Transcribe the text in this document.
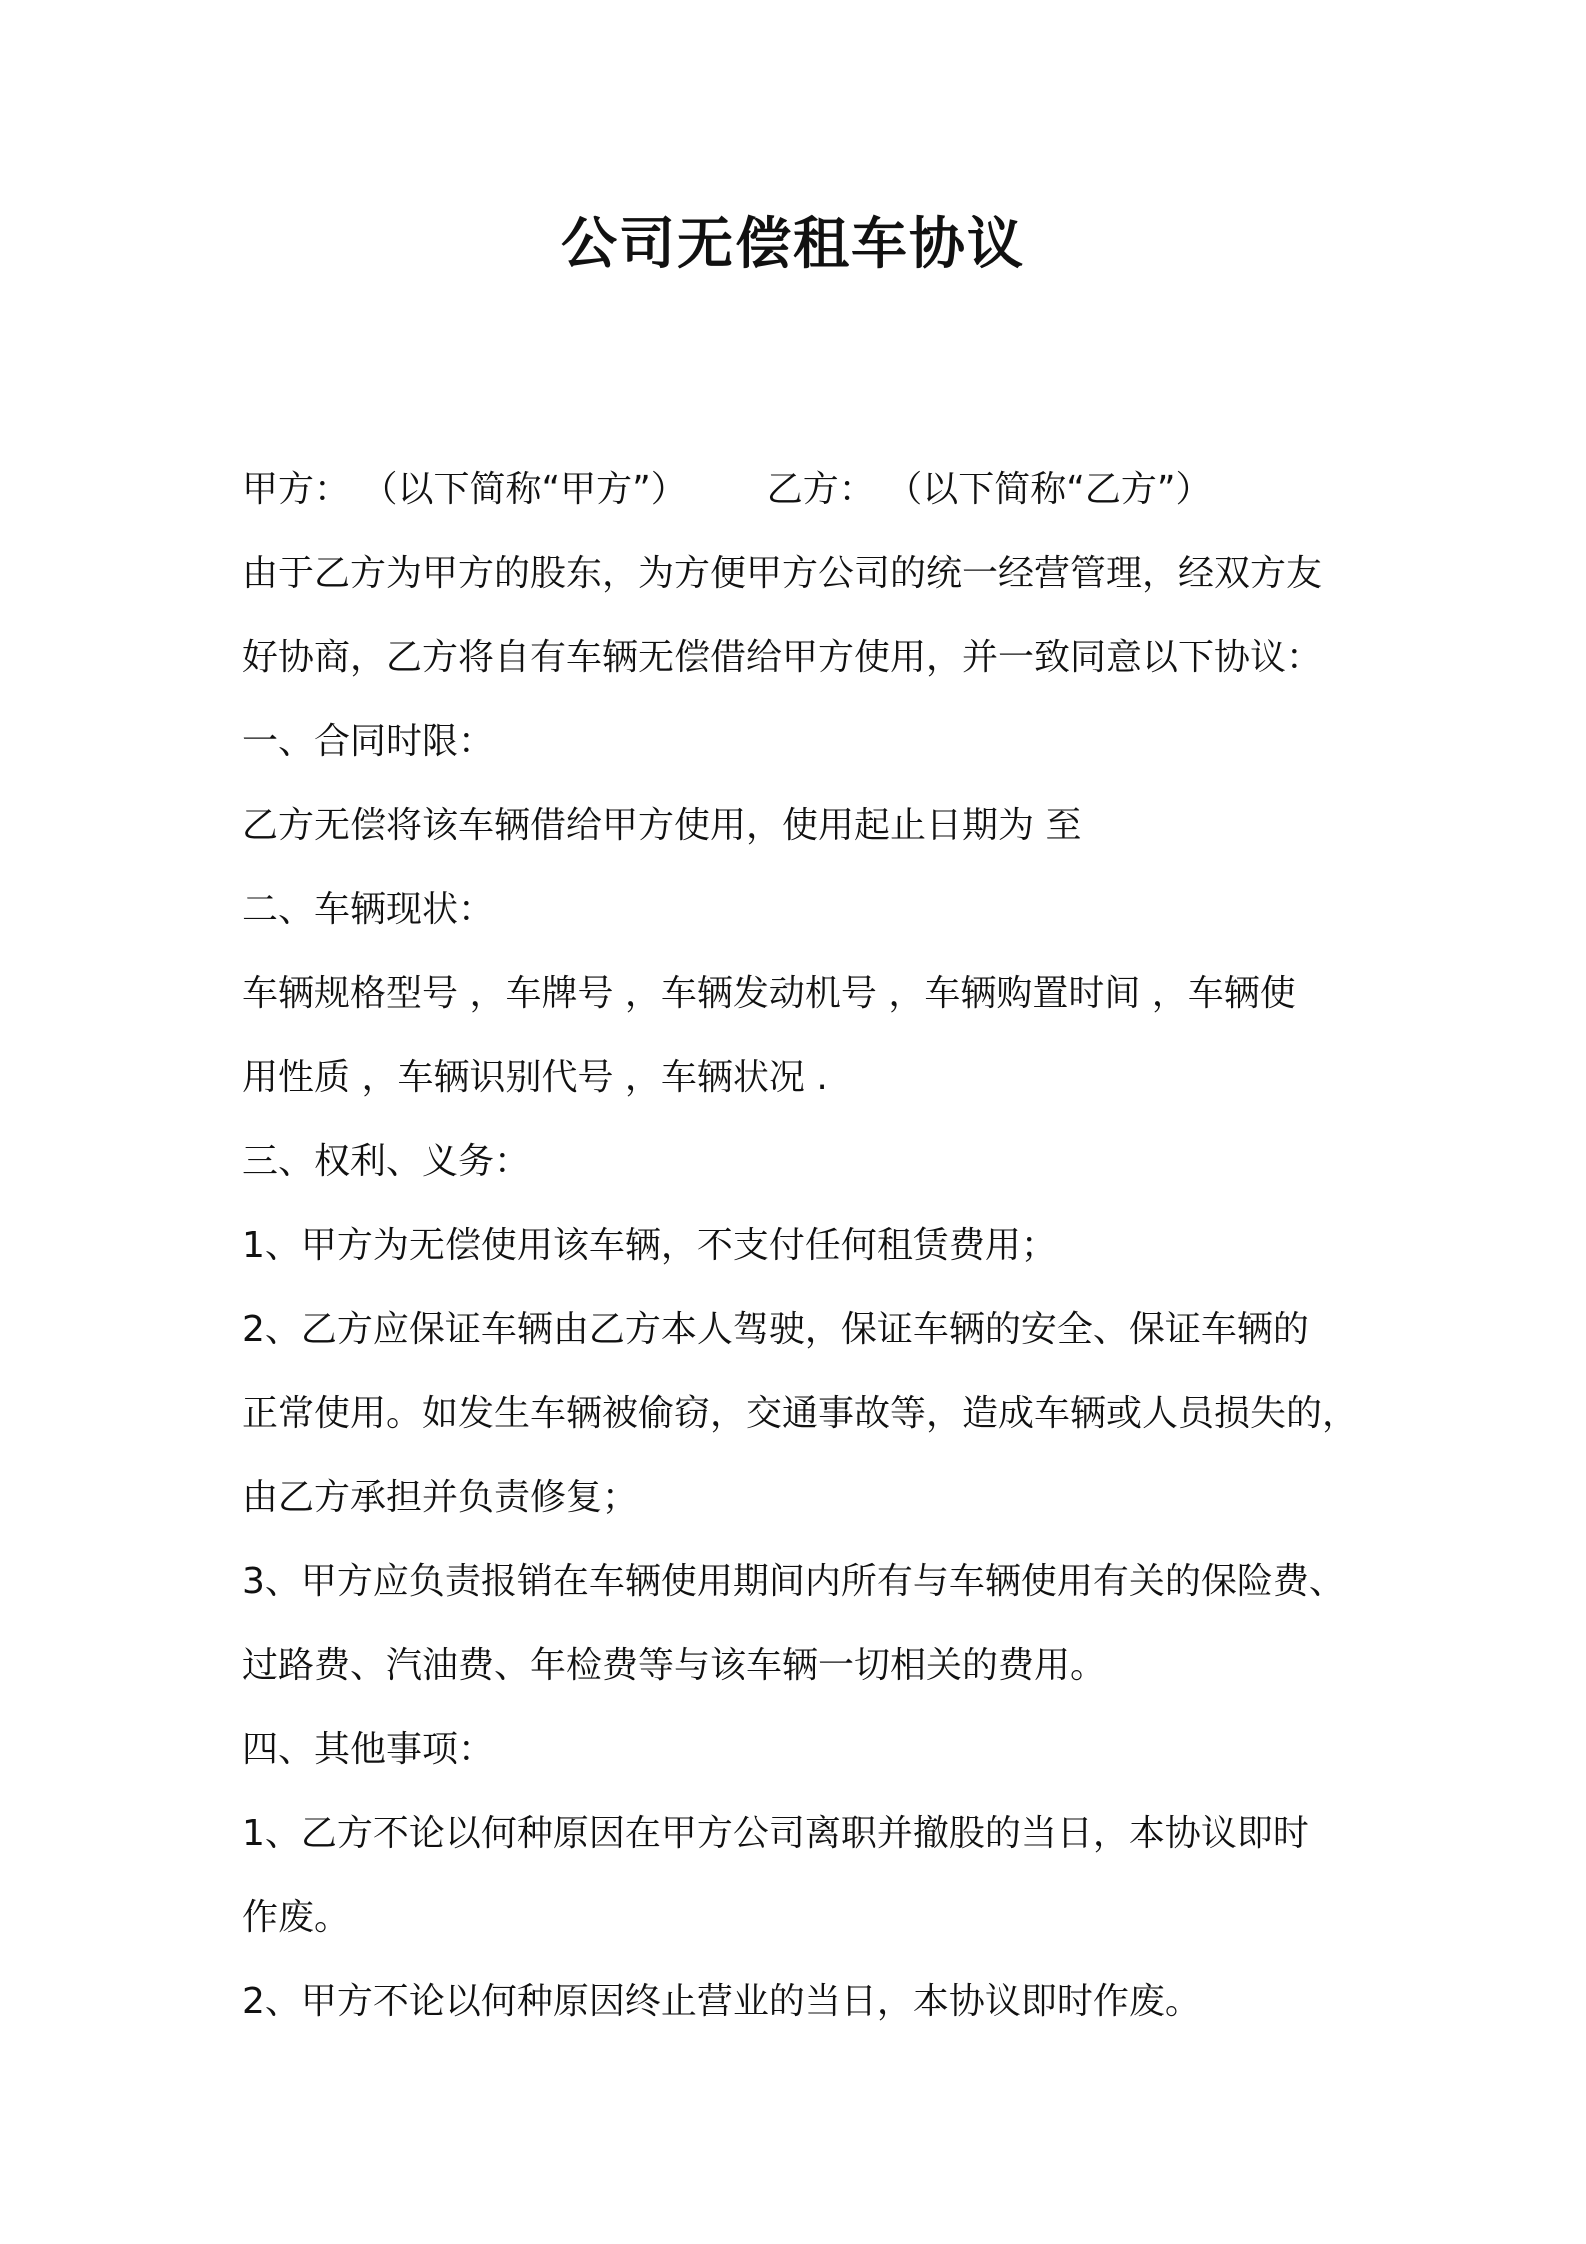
公司无偿租车协议
甲方： （以下简称“甲方”） 乙方： （以下简称“乙方”）
由于乙方为甲方的股东，为方便甲方公司的统一经营管理，经双方友
好协商，乙方将自有车辆无偿借给甲方使用，并一致同意以下协议：
一、合同时限：
乙方无偿将该车辆借给甲方使用，使用起止日期为 至
二、车辆现状：
车辆规格型号 ，车牌号 ，车辆发动机号 ，车辆购置时间 ，车辆使
用性质 ，车辆识别代号 ，车辆状况 .
三、权利、义务：
1、甲方为无偿使用该车辆，不支付任何租赁费用；
2、乙方应保证车辆由乙方本人驾驶，保证车辆的安全、保证车辆的
正常使用。如发生车辆被偷窃，交通事故等，造成车辆或人员损失的，
由乙方承担并负责修复；
3、甲方应负责报销在车辆使用期间内所有与车辆使用有关的保险费、
过路费、汽油费、年检费等与该车辆一切相关的费用。
四、其他事项：
1、乙方不论以何种原因在甲方公司离职并撤股的当日，本协议即时
作废。
2、甲方不论以何种原因终止营业的当日，本协议即时作废。
